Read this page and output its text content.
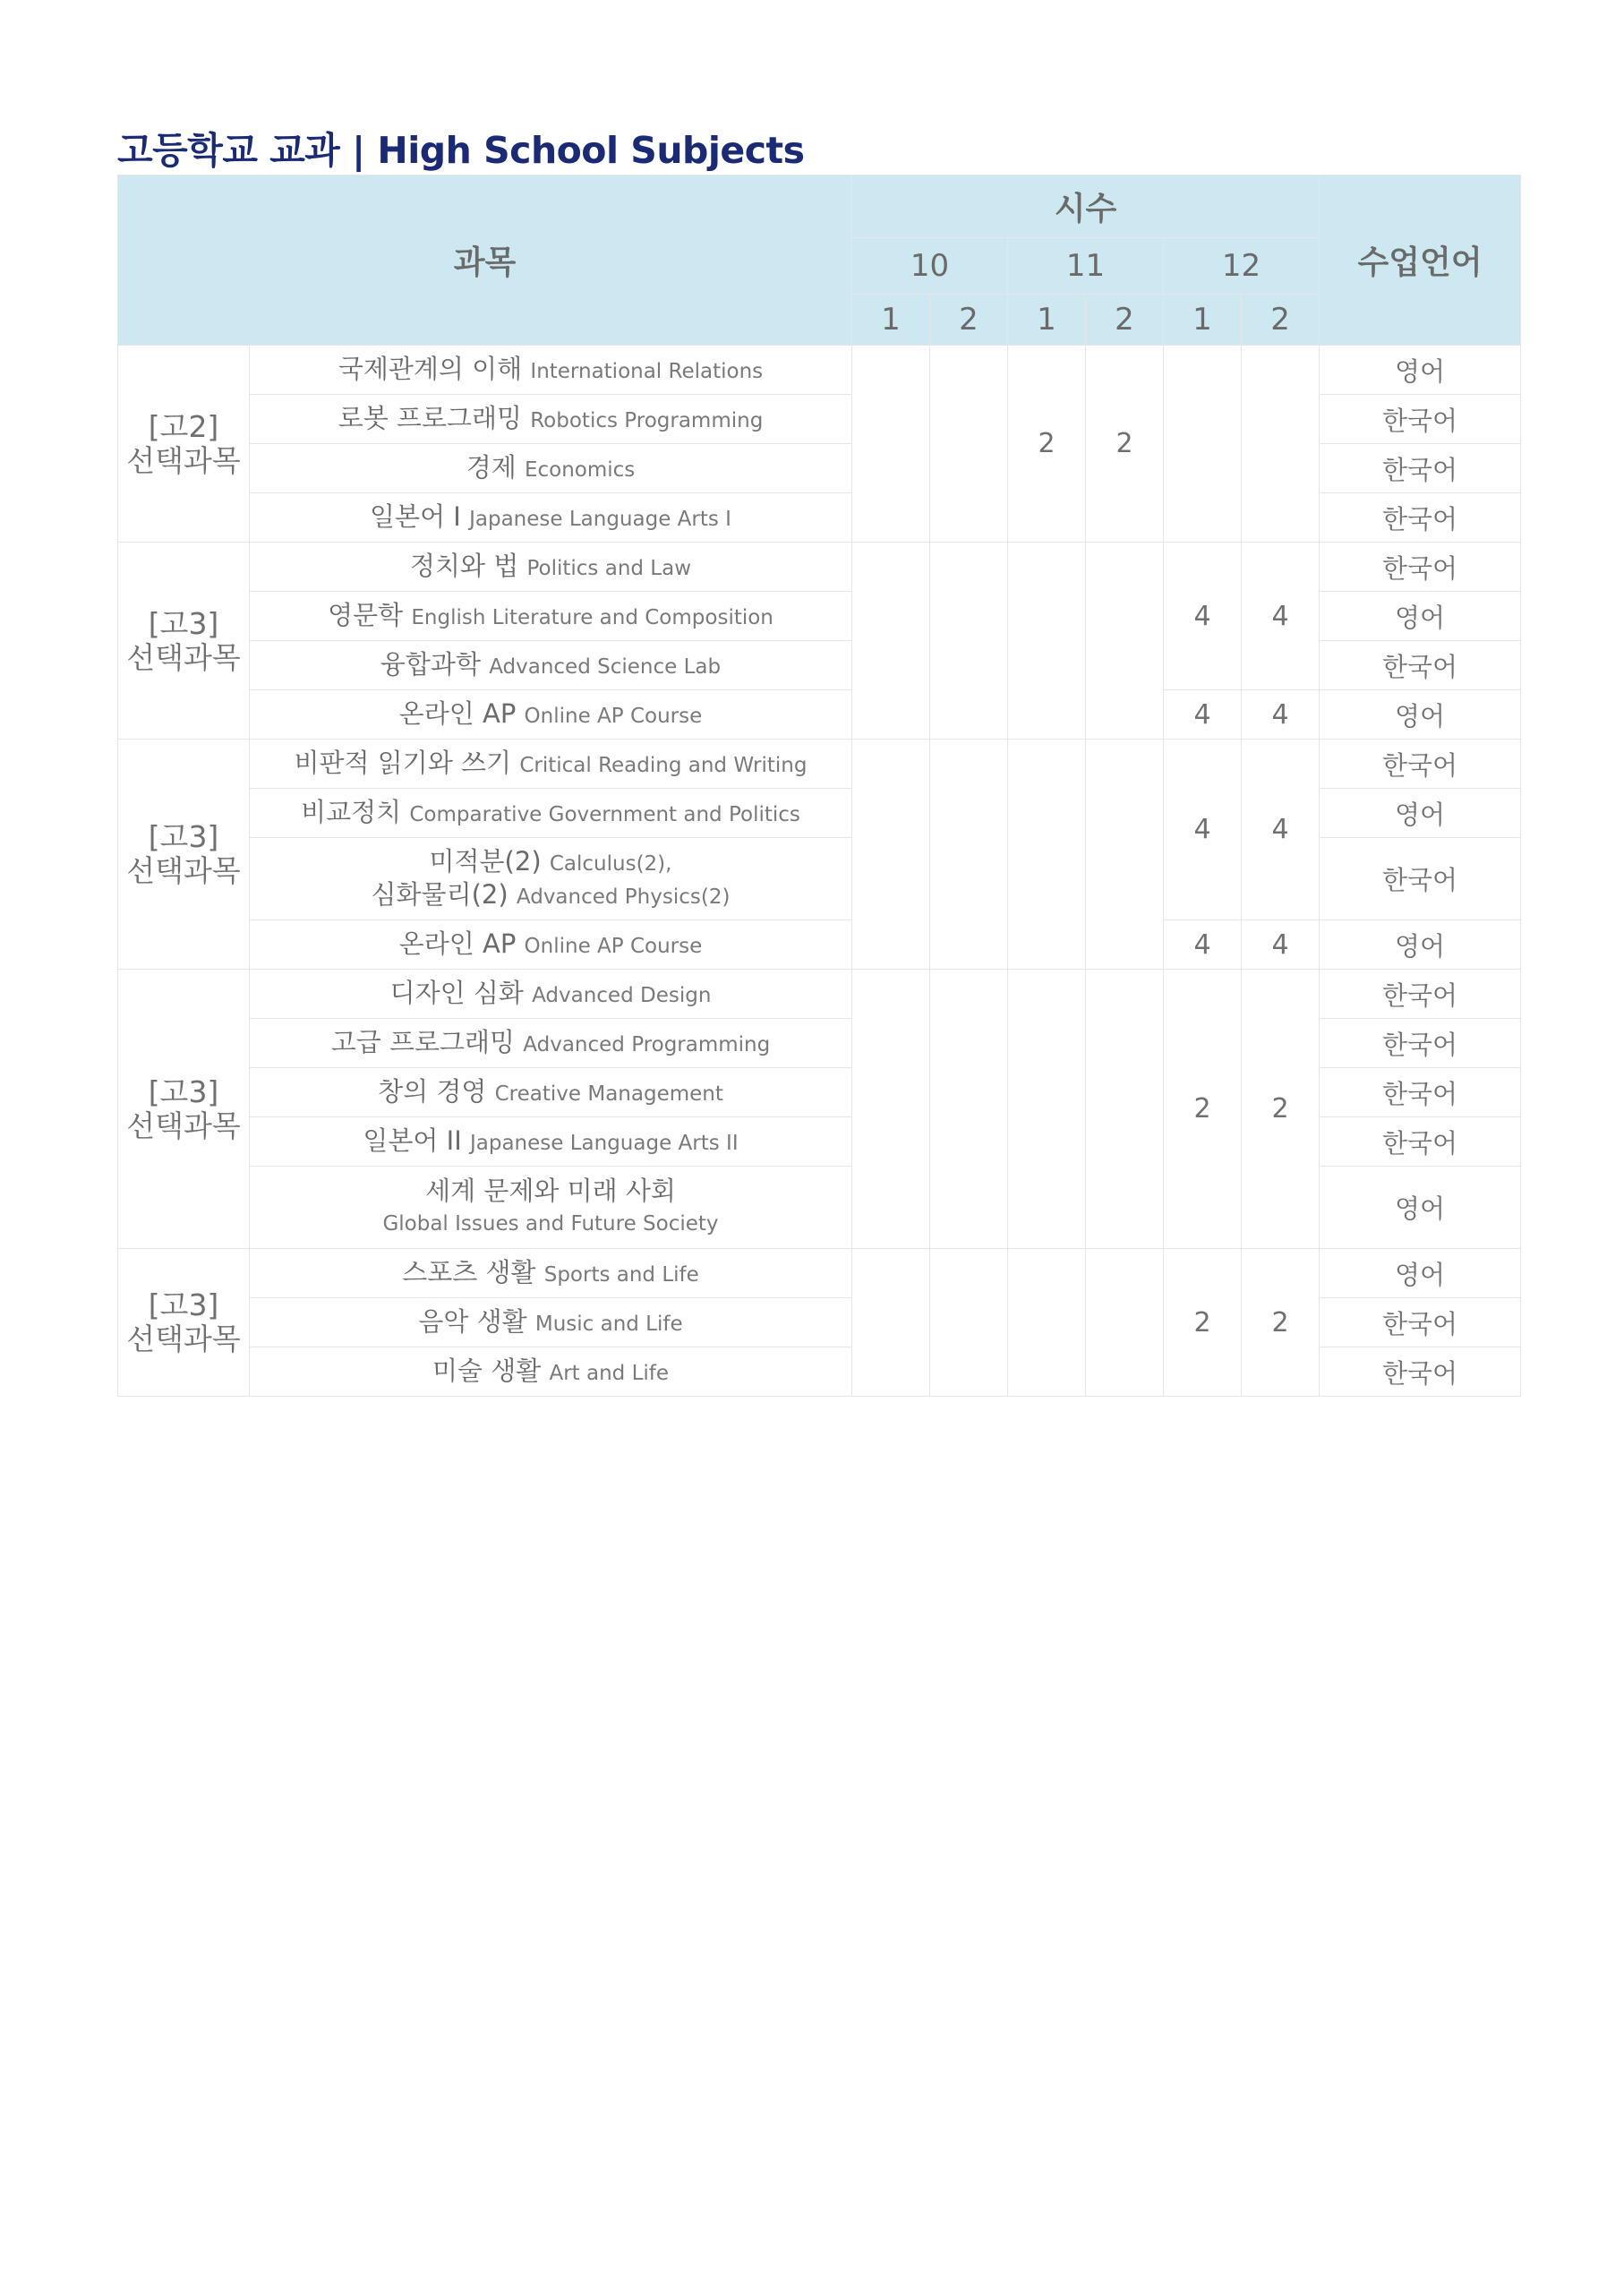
고등학교 교과 | High School Subjects
과목		시수						수업언어
		10		11		12		
		1	2	1	2	1	2	
[고2]
선택과목	국제관계의 이해 International Relations			2	2			영어
	로봇 프로그래밍 Robotics Programming							한국어
	경제 Economics							한국어
	일본어 I Japanese Language Arts I							한국어
[고3]
선택과목	정치와 법 Politics and Law					4	4	한국어
	영문학 English Literature and Composition							영어
	융합과학 Advanced Science Lab							한국어
	온라인 AP Online AP Course					4	4	영어
[고3]
선택과목	비판적 읽기와 쓰기 Critical Reading and Writing					4	4	한국어
	비교정치 Comparative Government and Politics							영어
	미적분(2) Calculus(2),
심화물리(2) Advanced Physics(2)							한국어
	온라인 AP Online AP Course					4	4	영어
[고3]
선택과목	디자인 심화 Advanced Design					2	2	한국어
	고급 프로그래밍 Advanced Programming							한국어
	창의 경영 Creative Management							한국어
	일본어 II Japanese Language Arts II							한국어
	세계 문제와 미래 사회
Global Issues and Future Society							영어
[고3]
선택과목	스포츠 생활 Sports and Life					2	2	영어
	음악 생활 Music and Life							한국어
	미술 생활 Art and Life							한국어
